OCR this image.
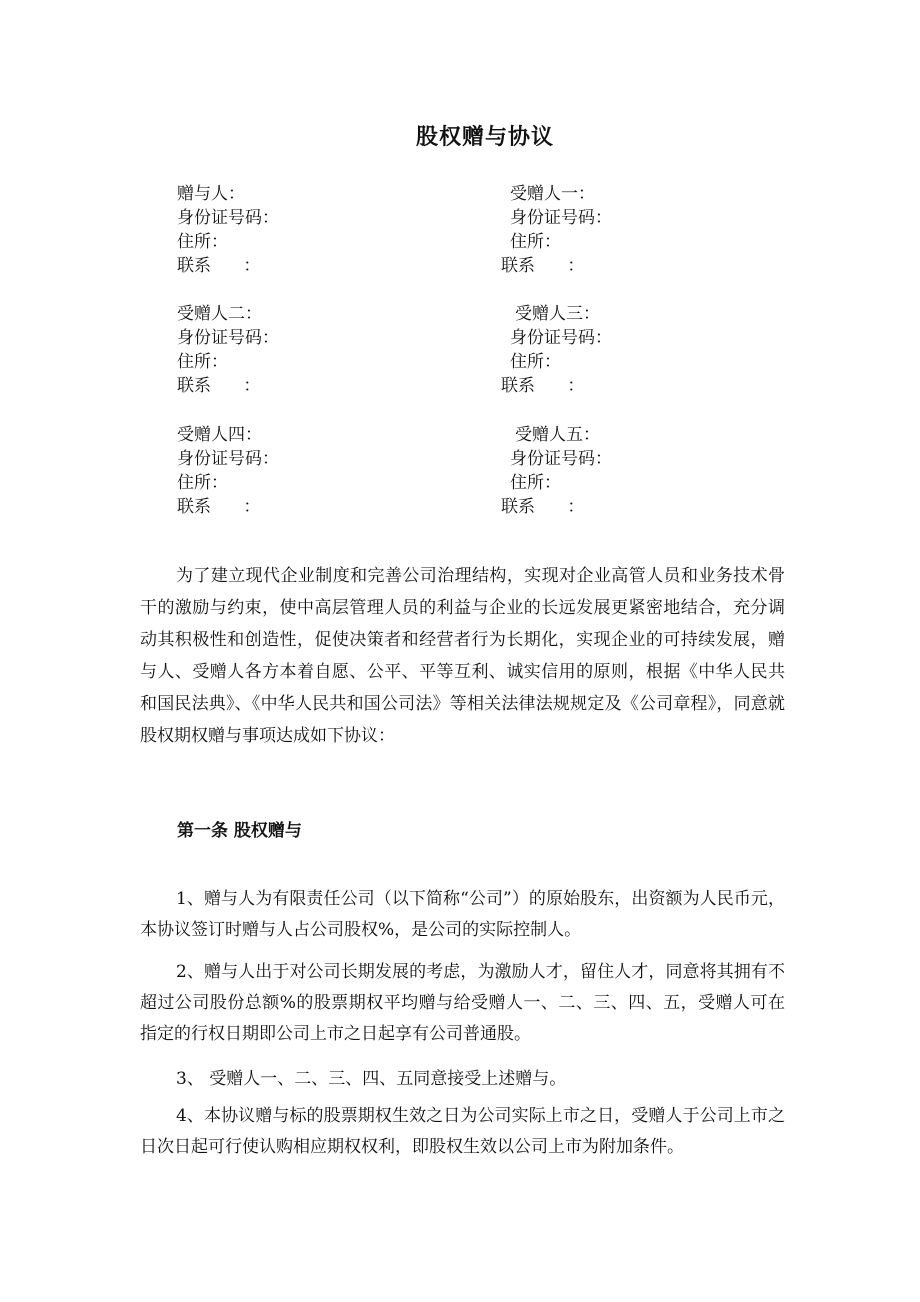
股权赠与协议
赠与人：
身份证号码：
住所：
联系      ：
受赠人一：
身份证号码：
住所：
联系      ：
受赠人二：
身份证号码：
住所：
联系      ：
受赠人三：
身份证号码：
住所：
联系      ：
受赠人四：
身份证号码：
住所：
联系      ：
受赠人五：
身份证号码：
住所：
联系      ：

为了建立现代企业制度和完善公司治理结构，实现对企业高管人员和业务技术骨干的激励与约束，使中高层管理人员的利益与企业的长远发展更紧密地结合，充分调动其积极性和创造性，促使决策者和经营者行为长期化，实现企业的可持续发展，赠与人、受赠人各方本着自愿、公平、平等互利、诚实信用的原则，根据《中华人民共和国民法典》、《中华人民共和国公司法》等相关法律法规规定及《公司章程》，同意就股权期权赠与事项达成如下协议：

第一条 股权赠与

1、赠与人为有限责任公司（以下简称“公司”）的原始股东，出资额为人民币元，本协议签订时赠与人占公司股权%，是公司的实际控制人。

2、赠与人出于对公司长期发展的考虑，为激励人才，留住人才，同意将其拥有不超过公司股份总额%的股票期权平均赠与给受赠人一、二、三、四、五，受赠人可在指定的行权日期即公司上市之日起享有公司普通股。

3、 受赠人一、二、三、四、五同意接受上述赠与。

4、本协议赠与标的股票期权生效之日为公司实际上市之日，受赠人于公司上市之日次日起可行使认购相应期权权利，即股权生效以公司上市为附加条件。
